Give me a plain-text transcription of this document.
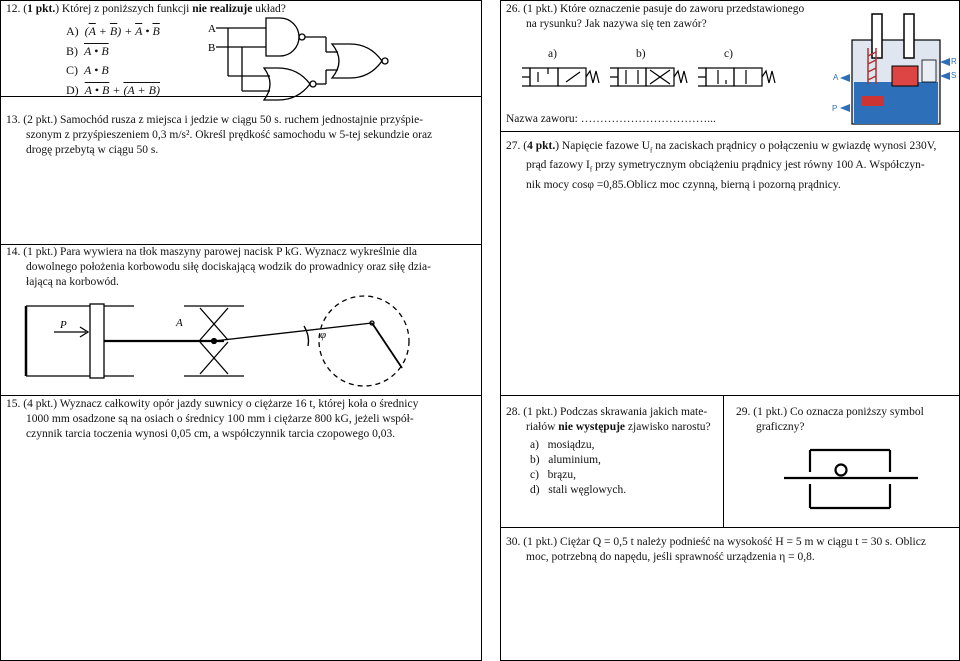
12. (1 pkt.) Której z poniższych funkcji nie realizuje układ?
A)  $(\overline{A} + \overline{B}) + \overline{A}$ • $\overline{B}$
B) A • B
C)  A • B
D) A • B + (A + B)
A
B
13. (2 pkt.) Samochód rusza z miejsca i jedzie w ciągu 50 s. ruchem jednostajnie przyśpie-
szonym z przyśpieszeniem 0,3 m/s². Określ prędkość samochodu w 5-tej sekundzie oraz
drogę przebytą w ciągu 50 s.
14. (1 pkt.) Para wywiera na tłok maszyny parowej nacisk P kG. Wyznacz wykreślnie dla
dowolnego położenia korbowodu siłę dociskającą wodzik do prowadnicy oraz siłę dzia-
łającą na korbowód.
P	A
φ
15. (4 pkt.) Wyznacz całkowity opór jazdy suwnicy o ciężarze 16 t, której koła o średnicy
1000 mm osadzone są na osiach o średnicy 100 mm i ciężarze 800 kG, jeżeli współ-
czynnik tarcia toczenia wynosi 0,05 cm, a współczynnik tarcia czopowego 0,03.
26. (1 pkt.) Które oznaczenie pasuje do zaworu przedstawionego
na rysunku? Jak nazywa się ten zawór?
a)	b)	c)
A
P
R
S
Nazwa zaworu: ……………………………...
27. (4 pkt.) Napięcie fazowe $U_f$ na zaciskach prądnicy o połączeniu w gwiazdę wynosi 230V,
prąd fazowy $I_f$ przy symetrycznym obciążeniu prądnicy jest równy 100 A. Współczyn-
nik mocy cosφ =0,85.Oblicz moc czynną, bierną i pozorną prądnicy.
28. (1 pkt.) Podczas skrawania jakich mate-
riałów nie występuje zjawisko narostu?
a) mosiądzu,
b) aluminium,
c) brązu,
d) stali węglowych.
29. (1 pkt.) Co oznacza poniższy symbol
graficzny?
30. (1 pkt.) Ciężar Q = 0,5 t należy podnieść na wysokość H = 5 m w ciągu t = 30 s. Oblicz
moc, potrzebną do napędu, jeśli sprawność urządzenia η = 0,8.
